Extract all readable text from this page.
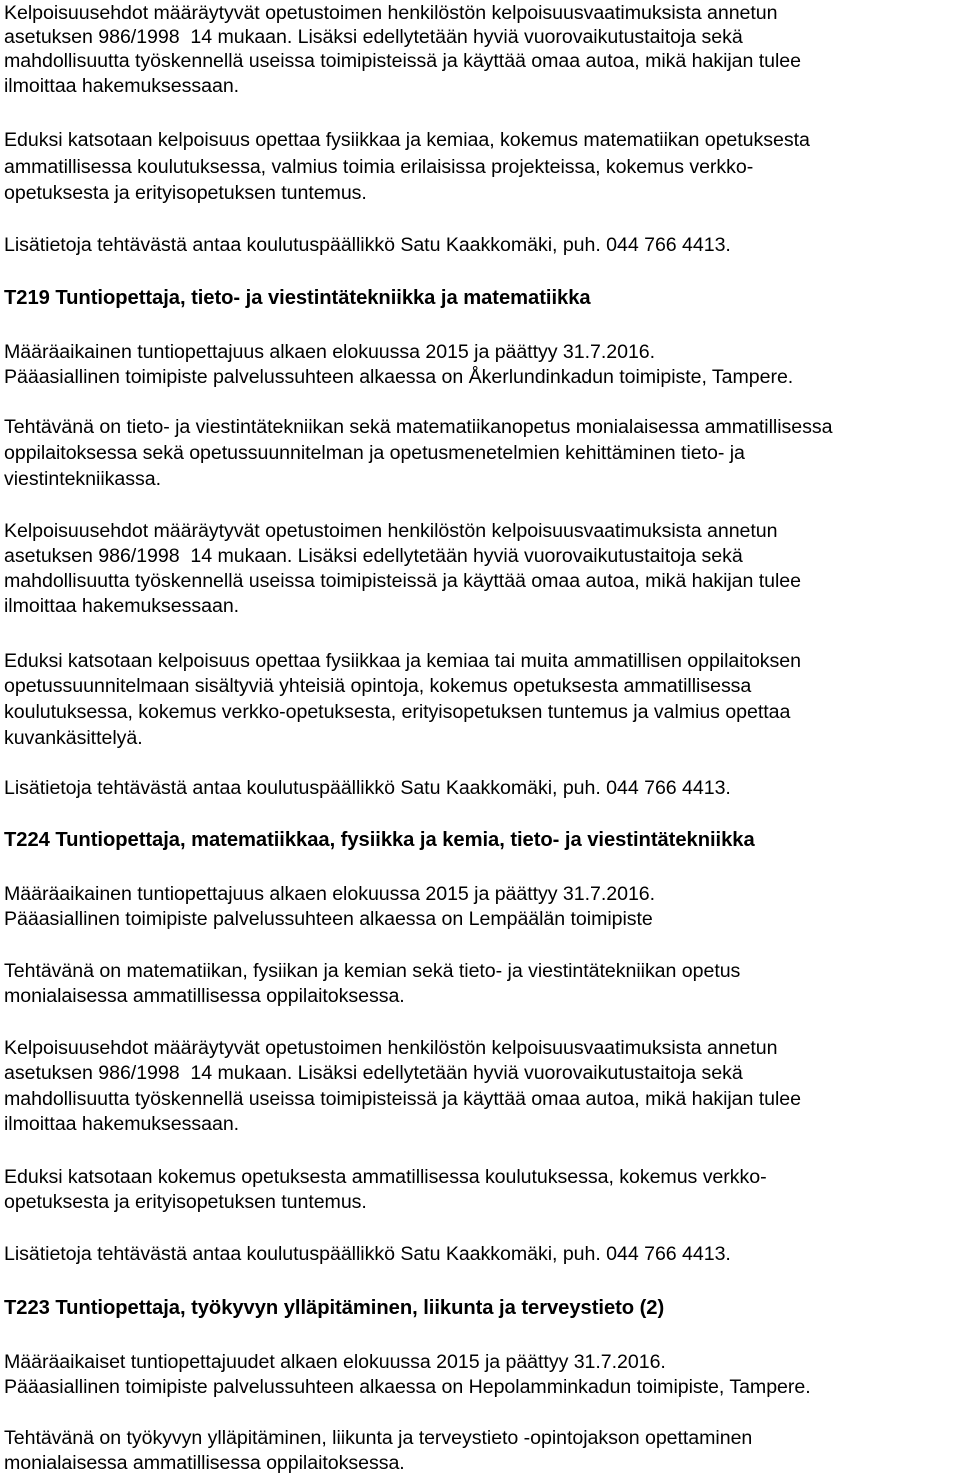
Kelpoisuusehdot määräytyvät opetustoimen henkilöstön kelpoisuusvaatimuksista annetun
asetuksen 986/1998  14 mukaan. Lisäksi edellytetään hyviä vuorovaikutustaitoja sekä
mahdollisuutta työskennellä useissa toimipisteissä ja käyttää omaa autoa, mikä hakijan tulee
ilmoittaa hakemuksessaan.
Eduksi katsotaan kelpoisuus opettaa fysiikkaa ja kemiaa, kokemus matematiikan opetuksesta
ammatillisessa koulutuksessa, valmius toimia erilaisissa projekteissa, kokemus verkko-
opetuksesta ja erityisopetuksen tuntemus.
Lisätietoja tehtävästä antaa koulutuspäällikkö Satu Kaakkomäki, puh. 044 766 4413.
T219 Tuntiopettaja, tieto- ja viestintätekniikka ja matematiikka
Määräaikainen tuntiopettajuus alkaen elokuussa 2015 ja päättyy 31.7.2016.
Pääasiallinen toimipiste palvelussuhteen alkaessa on Åkerlundinkadun toimipiste, Tampere.
Tehtävänä on tieto- ja viestintätekniikan sekä matematiikanopetus monialaisessa ammatillisessa
oppilaitoksessa sekä opetussuunnitelman ja opetusmenetelmien kehittäminen tieto- ja
viestintekniikassa.
Kelpoisuusehdot määräytyvät opetustoimen henkilöstön kelpoisuusvaatimuksista annetun
asetuksen 986/1998  14 mukaan. Lisäksi edellytetään hyviä vuorovaikutustaitoja sekä
mahdollisuutta työskennellä useissa toimipisteissä ja käyttää omaa autoa, mikä hakijan tulee
ilmoittaa hakemuksessaan.
Eduksi katsotaan kelpoisuus opettaa fysiikkaa ja kemiaa tai muita ammatillisen oppilaitoksen
opetussuunnitelmaan sisältyviä yhteisiä opintoja, kokemus opetuksesta ammatillisessa
koulutuksessa, kokemus verkko-opetuksesta, erityisopetuksen tuntemus ja valmius opettaa
kuvankäsittelyä.
Lisätietoja tehtävästä antaa koulutuspäällikkö Satu Kaakkomäki, puh. 044 766 4413.
T224 Tuntiopettaja, matematiikkaa, fysiikka ja kemia, tieto- ja viestintätekniikka
Määräaikainen tuntiopettajuus alkaen elokuussa 2015 ja päättyy 31.7.2016.
Pääasiallinen toimipiste palvelussuhteen alkaessa on Lempäälän toimipiste
Tehtävänä on matematiikan, fysiikan ja kemian sekä tieto- ja viestintätekniikan opetus
monialaisessa ammatillisessa oppilaitoksessa.
Kelpoisuusehdot määräytyvät opetustoimen henkilöstön kelpoisuusvaatimuksista annetun
asetuksen 986/1998  14 mukaan. Lisäksi edellytetään hyviä vuorovaikutustaitoja sekä
mahdollisuutta työskennellä useissa toimipisteissä ja käyttää omaa autoa, mikä hakijan tulee
ilmoittaa hakemuksessaan.
Eduksi katsotaan kokemus opetuksesta ammatillisessa koulutuksessa, kokemus verkko-
opetuksesta ja erityisopetuksen tuntemus.
Lisätietoja tehtävästä antaa koulutuspäällikkö Satu Kaakkomäki, puh. 044 766 4413.
T223 Tuntiopettaja, työkyvyn ylläpitäminen, liikunta ja terveystieto (2)
Määräaikaiset tuntiopettajuudet alkaen elokuussa 2015 ja päättyy 31.7.2016.
Pääasiallinen toimipiste palvelussuhteen alkaessa on Hepolamminkadun toimipiste, Tampere.
Tehtävänä on työkyvyn ylläpitäminen, liikunta ja terveystieto -opintojakson opettaminen
monialaisessa ammatillisessa oppilaitoksessa.
